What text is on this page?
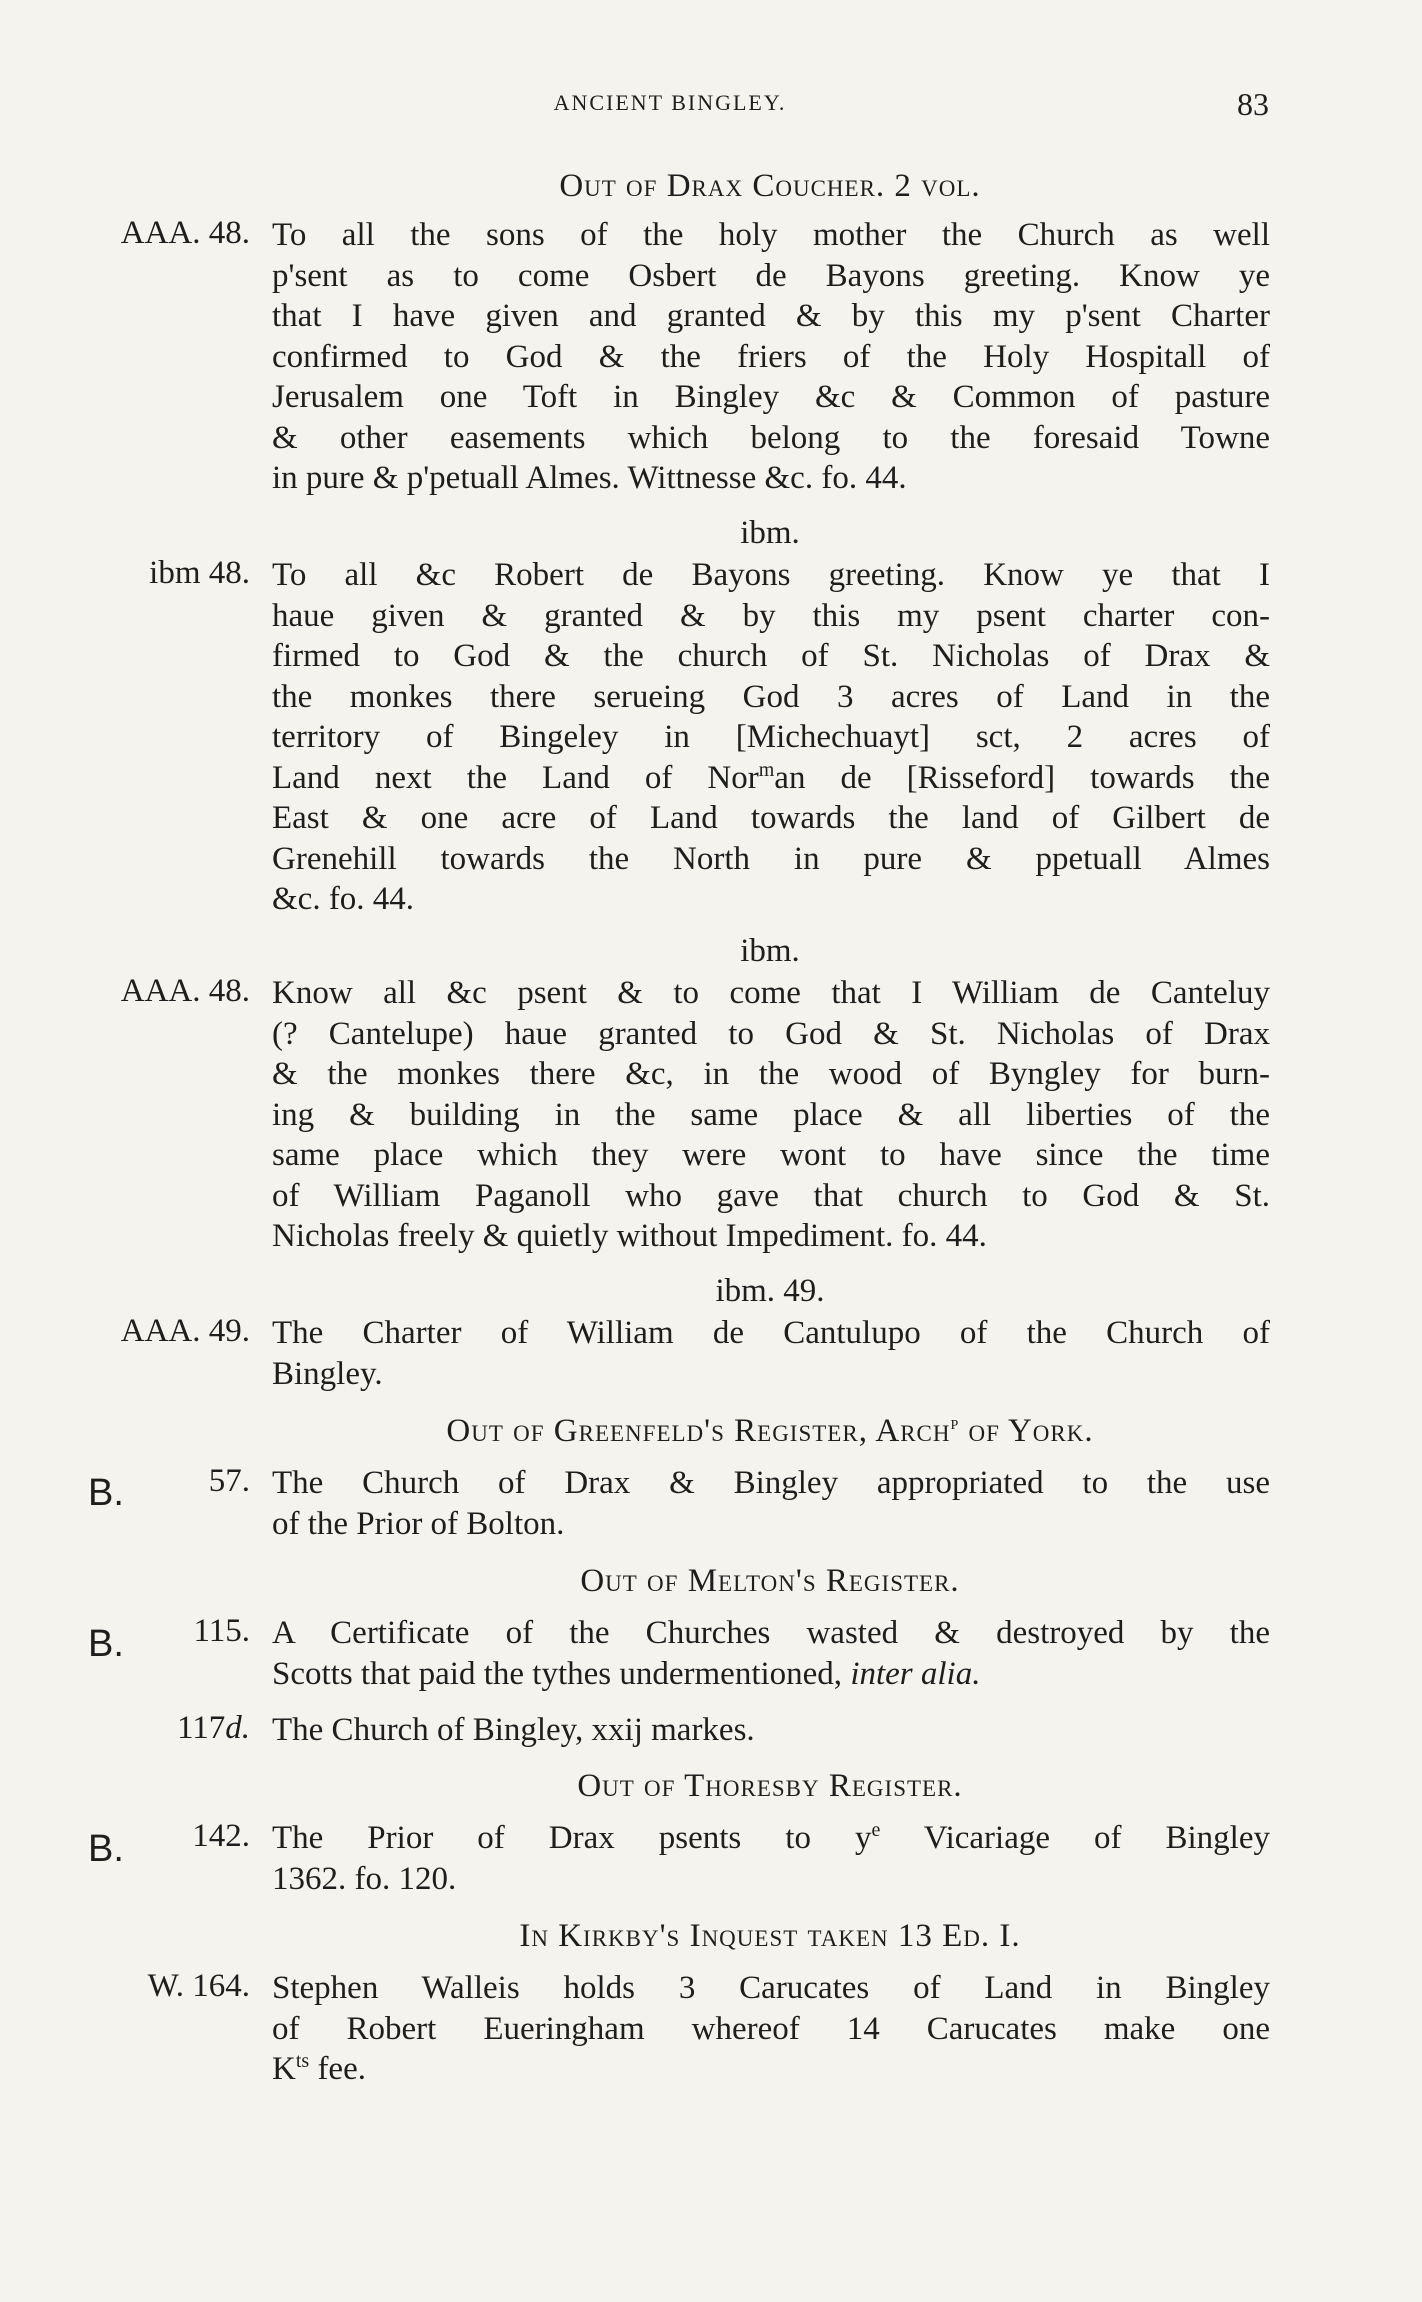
ANCIENT BINGLEY.	83
Out of Drax Coucher. 2 vol.
AAA. 48. To all the sons of the holy mother the Church as well
p'sent as to come Osbert de Bayons greeting. Know ye
that I have given and granted & by this my p'sent Charter
confirmed to God & the friers of the Holy Hospitall of
Jerusalem one Toft in Bingley &c & Common of pasture
& other easements which belong to the foresaid Towne
in pure & p'petuall Almes. Wittnesse &c. fo. 44.
ibm.
ibm 48. To all &c Robert de Bayons greeting. Know ye that I
haue given & granted & by this my psent charter con-
firmed to God & the church of St. Nicholas of Drax &
the monkes there serueing God 3 acres of Land in the
territory of Bingeley in [Michechuayt] sct, 2 acres of
Land next the Land of Nor$^m$an de [Risseford] towards the
East & one acre of Land towards the land of Gilbert de
Grenehill towards the North in pure & ppetuall Almes
&c. fo. 44.
ibm.
AAA. 48. Know all &c psent & to come that I William de Canteluy
(? Cantelupe) haue granted to God & St. Nicholas of Drax
& the monkes there &c, in the wood of Byngley for burn-
ing & building in the same place & all liberties of the
same place which they were wont to have since the time
of William Paganoll who gave that church to God & St.
Nicholas freely & quietly without Impediment. fo. 44.
ibm. 49.
AAA. 49. The Charter of William de Cantulupo of the Church of
Bingley.
Out of Greenfeld's Register, Arch$^p$ of York.
B.	57. The Church of Drax & Bingley appropriated to the use
of the Prior of Bolton.
Out of Melton's Register.
B. 115. A Certificate of the Churches wasted & destroyed by the
Scotts that paid the tythes undermentioned, inter alia.
117d. The Church of Bingley, xxij markes.
Out of Thoresby Register.
B. 142. The Prior of Drax psents to $y^e$ Vicariage of Bingley
1362. fo. 120.
In Kirkby's Inquest taken 13 Ed. I.
W. 164. Stephen Walleis holds 3 Carucates of Land in Bingley
of Robert Eueringham whereof 14 Carucates make one
$K^{ts}$ fee.
